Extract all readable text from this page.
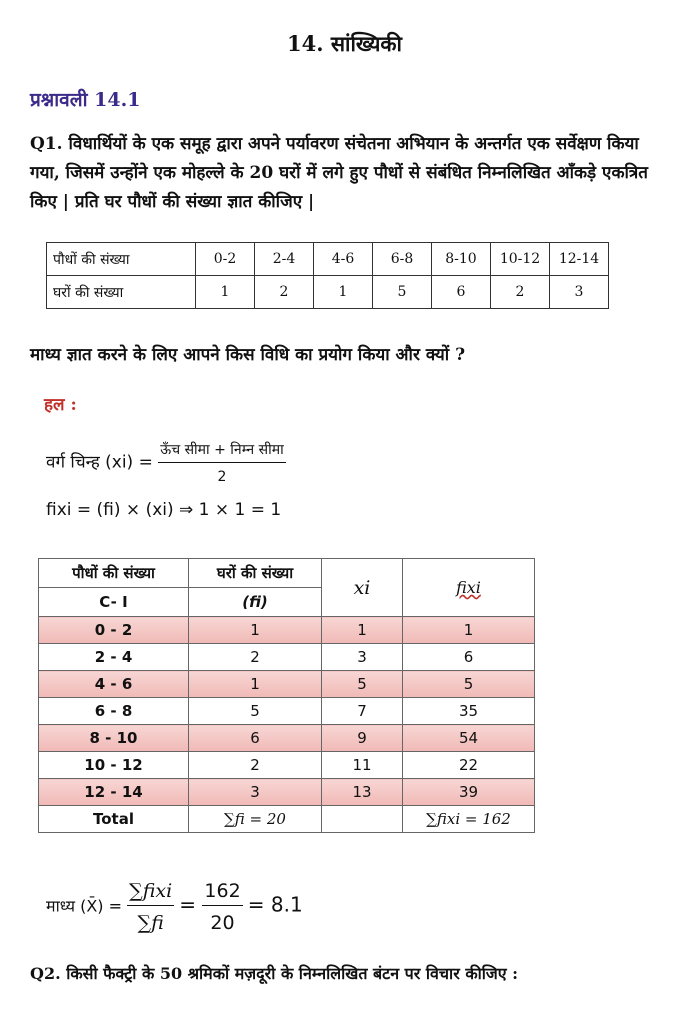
14. सांख्यिकी
प्रश्नावली 14.1
Q1. विधार्थियों के एक समूह द्वारा अपने पर्यावरण संचेतना अभियान के अन्तर्गत एक सर्वेक्षण किया गया, जिसमें उन्होंने एक मोहल्ले के 20 घरों में लगे हुए पौधों से संबंधित निम्नलिखित आँकड़े एकत्रित किए | प्रति घर पौधों की संख्या ज्ञात कीजिए |
पौधों की संख्या	0-2	2-4	4-6	6-8	8-10	10-12	12-14
घरों की संख्या	1	2	1	5	6	2	3
माध्य ज्ञात करने के लिए आपने किस विधि का प्रयोग किया और क्यों ?
हल :
वर्ग चिन्ह $(xi) = \frac{\text{ऊँच सीमा + निम्न सीमा}}{2}$
fixi = (fi) × (xi) ⇒ 1 × 1 = 1
पौधों की संख्या	घरों की संख्या	xi	fixi
C- I	(fi)		
0 - 2	1	1	1
2 - 4	2	3	6
4 - 6	1	5	5
6 - 8	5	7	35
8 - 10	6	9	54
10 - 12	2	11	22
12 - 14	3	13	39
Total	∑fi = 20		∑fixi = 162
माध्य (X̄) = $\frac{\text{∑fixi}}{\sum fi} = \frac{162}{20} = 8.1$
Q2. किसी फैक्ट्री के 50 श्रमिकों मज़दूरी के निम्नलिखित बंटन पर विचार कीजिए :
